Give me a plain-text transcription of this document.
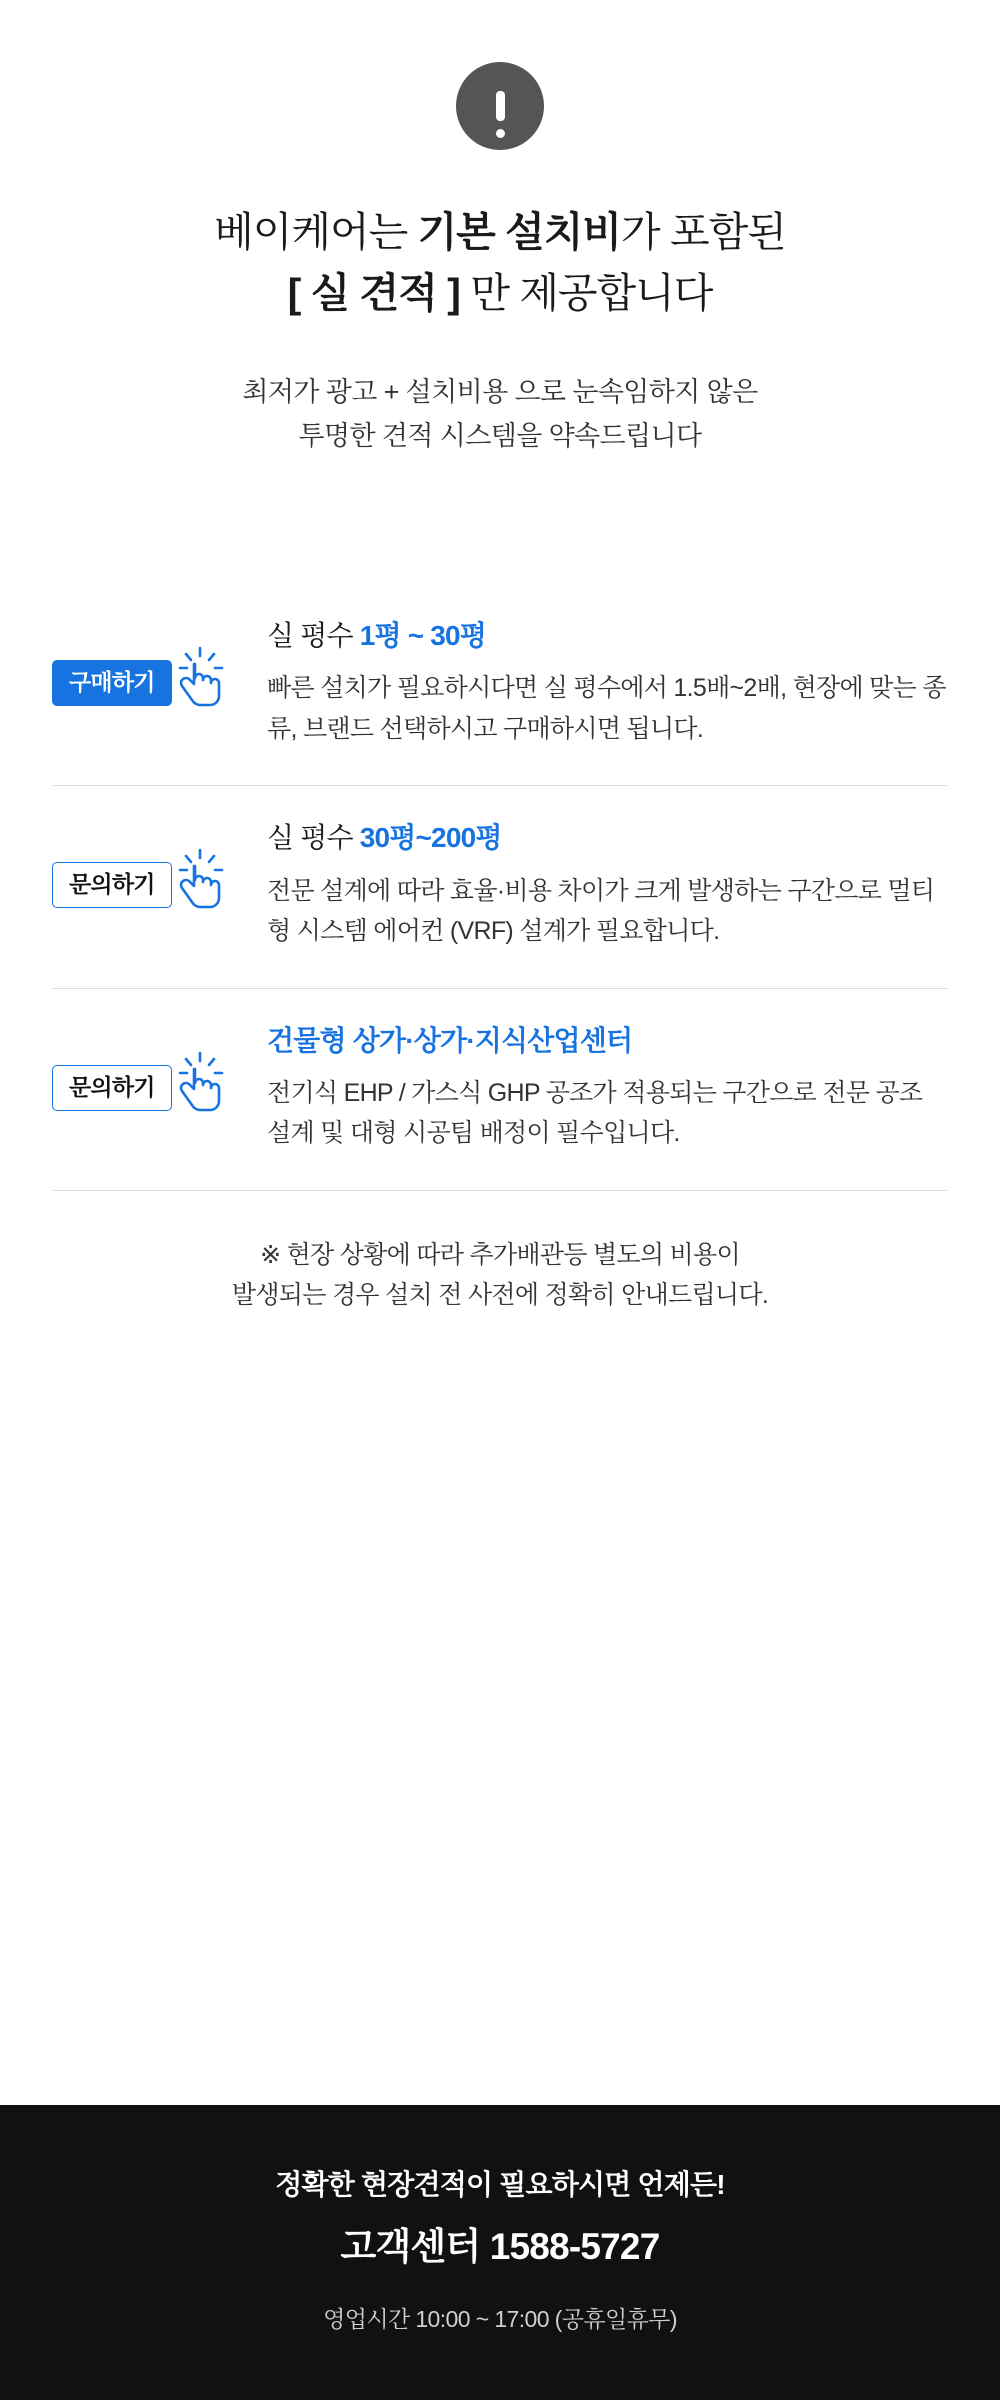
베이케어는 기본 설치비가 포함된
[ 실 견적 ] 만 제공합니다

최저가 광고 + 설치비용 으로 눈속임하지 않은
투명한 견적 시스템을 약속드립니다

구매하기

실 평수 1평 ~ 30평

빠른 설치가 필요하시다면 실 평수에서 1.5배~2배, 현장에 맞는 종류, 브랜드 선택하시고 구매하시면 됩니다.

문의하기

실 평수 30평~200평

전문 설계에 따라 효율·비용 차이가 크게 발생하는 구간으로 멀티형 시스템 에어컨 (VRF) 설계가 필요합니다.

문의하기

건물형 상가·상가·지식산업센터

전기식 EHP / 가스식 GHP 공조가 적용되는 구간으로 전문 공조 설계 및 대형 시공팀 배정이 필수입니다.

※ 현장 상황에 따라 추가배관등 별도의 비용이
발생되는 경우 설치 전 사전에 정확히 안내드립니다.

정확한 현장견적이 필요하시면 언제든!

고객센터 1588-5727

영업시간 10:00 ~ 17:00 (공휴일휴무)
